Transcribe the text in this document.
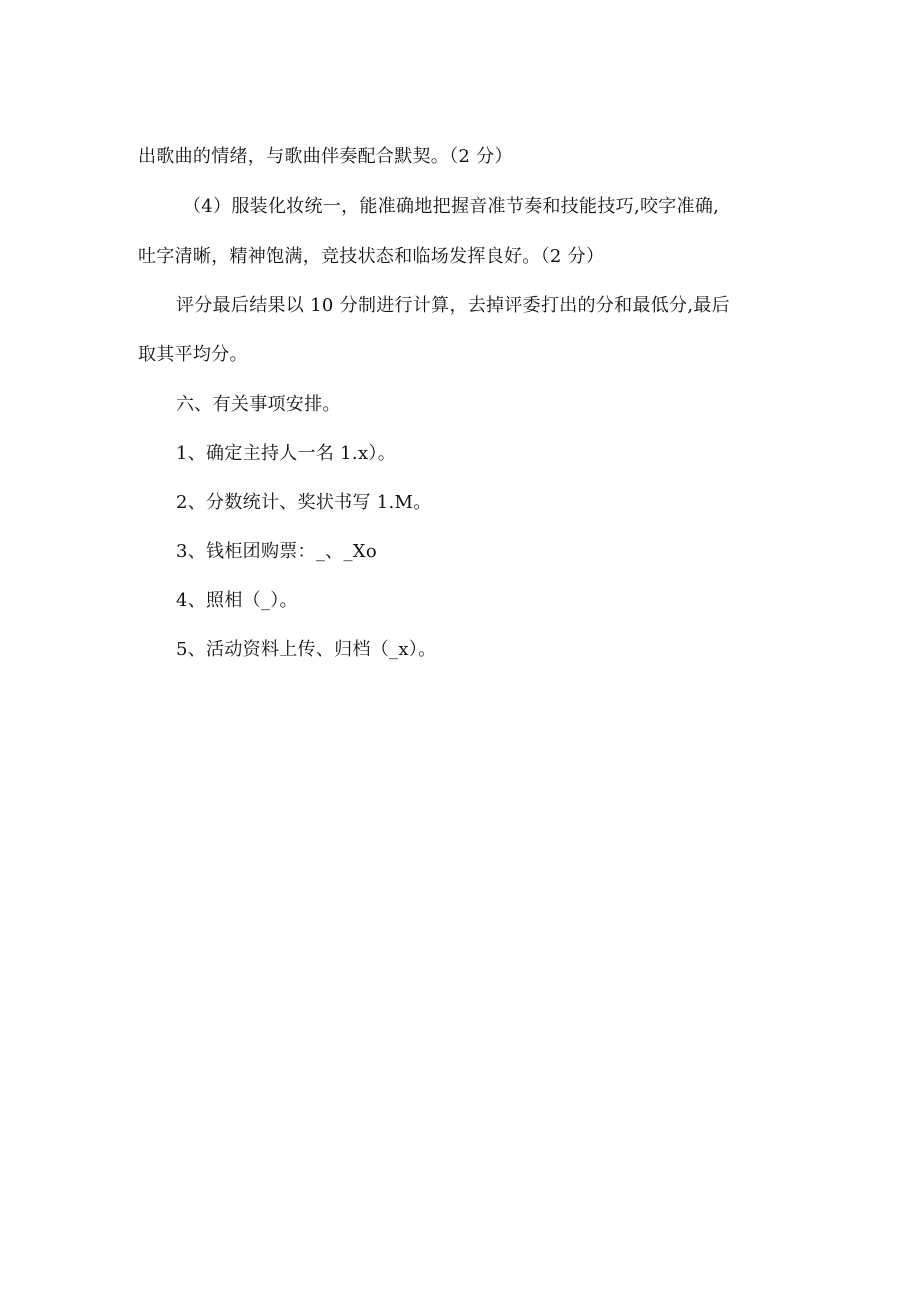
出歌曲的情绪，与歌曲伴奏配合默契。（2 分）
（4）服装化妆统一，能准确地把握音准节奏和技能技巧,咬字准确,
吐字清晰，精神饱满，竞技状态和临场发挥良好。（2 分）
评分最后结果以 10 分制进行计算，去掉评委打出的分和最低分,最后
取其平均分。
六、有关事项安排。
1、确定主持人一名 1.x）。
2、分数统计、奖状书写 1.M。
3、钱柜团购票：_、_Xo
4、照相（_）。
5、活动资料上传、归档（_x）。
